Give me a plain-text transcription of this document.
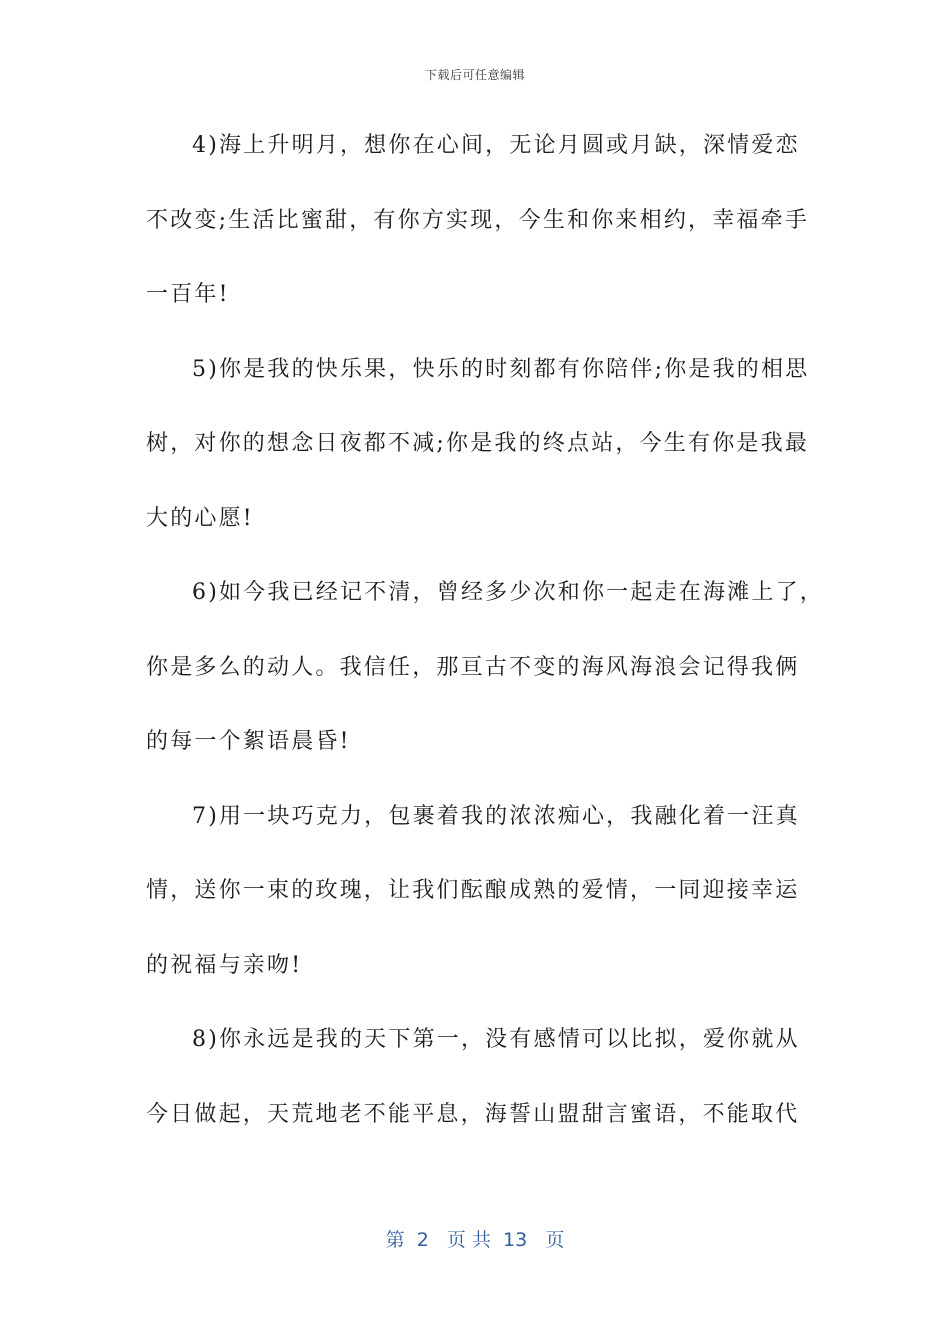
下载后可任意编辑
4)海上升明月，想你在心间，无论月圆或月缺，深情爱恋
不改变;生活比蜜甜，有你方实现，今生和你来相约，幸福牵手
一百年!
5)你是我的快乐果，快乐的时刻都有你陪伴;你是我的相思
树，对你的想念日夜都不减;你是我的终点站，今生有你是我最
大的心愿!
6)如今我已经记不清，曾经多少次和你一起走在海滩上了，
你是多么的动人。我信任，那亘古不变的海风海浪会记得我俩
的每一个絮语晨昏!
7)用一块巧克力，包裹着我的浓浓痴心，我融化着一汪真
情，送你一束的玫瑰，让我们酝酿成熟的爱情，一同迎接幸运
的祝福与亲吻!
8)你永远是我的天下第一，没有感情可以比拟，爱你就从
今日做起，天荒地老不能平息，海誓山盟甜言蜜语，不能取代
第  2   页 共  13   页
